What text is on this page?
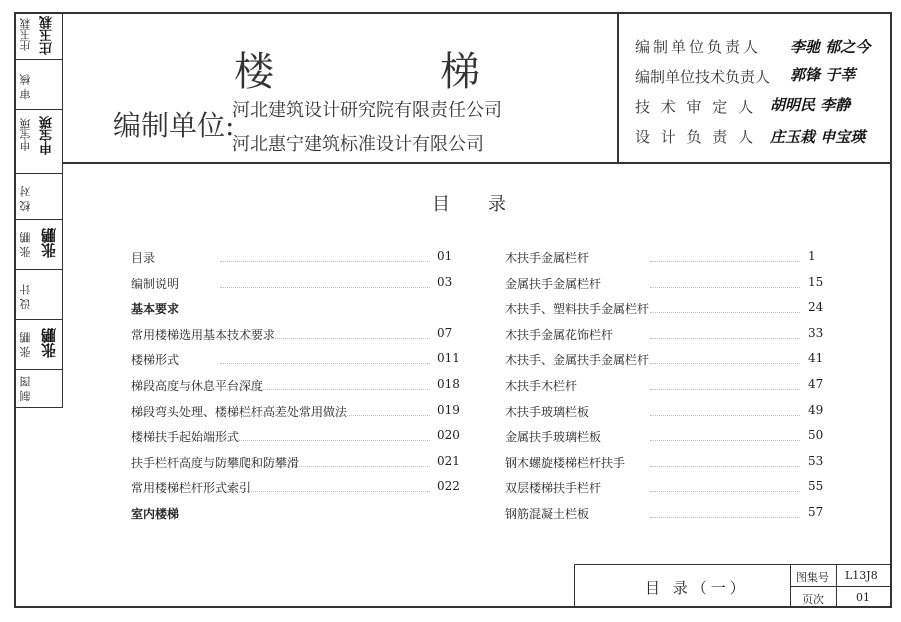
庄玉栽 庄玉栽
审 核
申宝瑛 申宝瑛
校 对
张 鹏 张鹏
设 计
张 鹏 张鹏
制 图
楼	梯
编制单位:
河北建筑设计研究院有限责任公司
河北惠宁建筑标准设计有限公司
编制单位负责人 李驰 郁之今
编制单位技术负责人 郭锋 于莘
技 术 审 定 人 胡明民 李静
设 计 负 责 人 庄玉栽 申宝瑛
目录
目录	01
编制说明	03
基本要求
常用楼梯选用基本技术要求	07
楼梯形式	011
梯段高度与休息平台深度	018
梯段弯头处理、楼梯栏杆高差处常用做法	019
楼梯扶手起始端形式	020
扶手栏杆高度与防攀爬和防攀滑	021
常用楼梯栏杆形式索引	022
室内楼梯
木扶手金属栏杆	1
金属扶手金属栏杆	15
木扶手、塑料扶手金属栏杆	24
木扶手金属花饰栏杆	33
木扶手、金属扶手金属栏杆	41
木扶手木栏杆	47
木扶手玻璃栏板	49
金属扶手玻璃栏板	50
钢木螺旋楼梯栏杆扶手	53
双层楼梯扶手栏杆	55
钢筋混凝土栏板	57
目 录（一）
图集号 L13J8
页次	01
